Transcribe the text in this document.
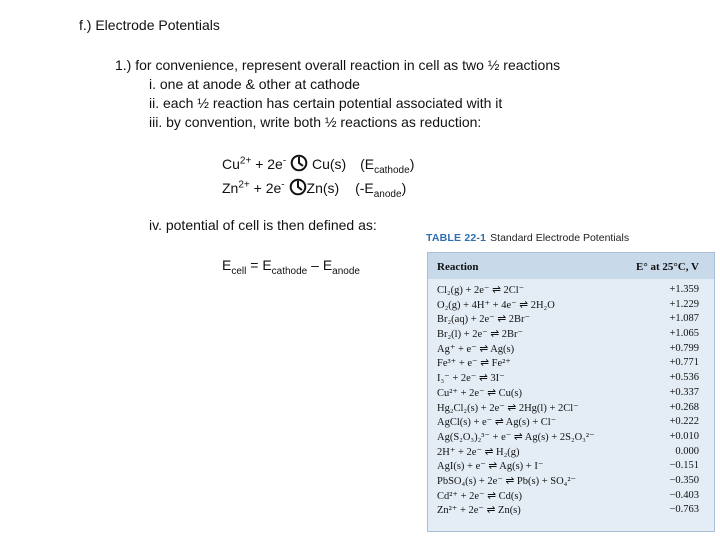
f.) Electrode Potentials
1.) for convenience, represent overall reaction in cell as two ½ reactions
i. one at anode & other at cathode
ii. each ½ reaction has certain potential associated with it
iii. by convention, write both ½ reactions as reduction:
$Cu^{2+} + 2e^-$  Cu(s) $(E_{cathode})$
$Zn^{2+} + 2e^-$ Zn(s) $(-E_{anode})$
iv. potential of cell is then defined as:
$E_{cell} = E_{cathode} - E_{anode}$
TABLE 22-1 Standard Electrode Potentials
Reaction	E° at 25°C, V
Cl₂(g) + 2e⁻ ⇌ 2Cl⁻	+1.359
O₂(g) + 4H⁺ + 4e⁻ ⇌ 2H₂O	+1.229
Br₂(aq) + 2e⁻ ⇌ 2Br⁻	+1.087
Br₂(l) + 2e⁻ ⇌ 2Br⁻	+1.065
Ag⁺ + e⁻ ⇌ Ag(s)	+0.799
Fe³⁺ + e⁻ ⇌ Fe²⁺	+0.771
I₃⁻ + 2e⁻ ⇌ 3I⁻	+0.536
Cu²⁺ + 2e⁻ ⇌ Cu(s)	+0.337
Hg₂Cl₂(s) + 2e⁻ ⇌ 2Hg(l) + 2Cl⁻	+0.268
AgCl(s) + e⁻ ⇌ Ag(s) + Cl⁻	+0.222
Ag(S₂O₃)₂³⁻ + e⁻ ⇌ Ag(s) + 2S₂O₃²⁻	+0.010
2H⁺ + 2e⁻ ⇌ H₂(g)	0.000
AgI(s) + e⁻ ⇌ Ag(s) + I⁻	−0.151
PbSO₄(s) + 2e⁻ ⇌ Pb(s) + SO₄²⁻	−0.350
Cd²⁺ + 2e⁻ ⇌ Cd(s)	−0.403
Zn²⁺ + 2e⁻ ⇌ Zn(s)	−0.763
